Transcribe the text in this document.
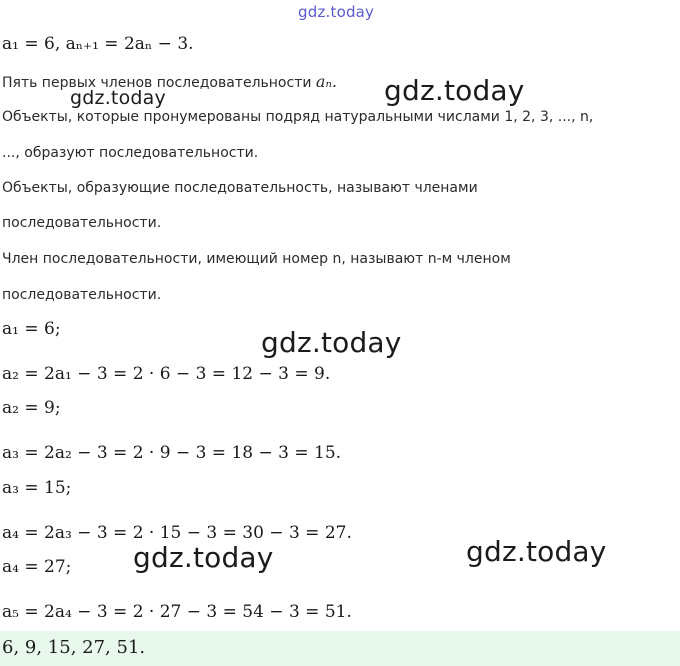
gdz.today
gdz.today
gdz.today
gdz.today
gdz.today	gdz.today
a₁ = 6, aₙ₊₁ = 2aₙ − 3.
Пять первых членов последовательности aₙ.
Объекты, которые пронумерованы подряд натуральными числами 1, 2, 3, ..., n,
..., образуют последовательности.
Объекты, образующие последовательность, называют членами
последовательности.
Член последовательности, имеющий номер n, называют n-м членом
последовательности.
a₁ = 6;
a₂ = 2a₁ − 3 = 2 · 6 − 3 = 12 − 3 = 9.
a₂ = 9;
a₃ = 2a₂ − 3 = 2 · 9 − 3 = 18 − 3 = 15.
a₃ = 15;
a₄ = 2a₃ − 3 = 2 · 15 − 3 = 30 − 3 = 27.
a₄ = 27;
a₅ = 2a₄ − 3 = 2 · 27 − 3 = 54 − 3 = 51.
6, 9, 15, 27, 51.
